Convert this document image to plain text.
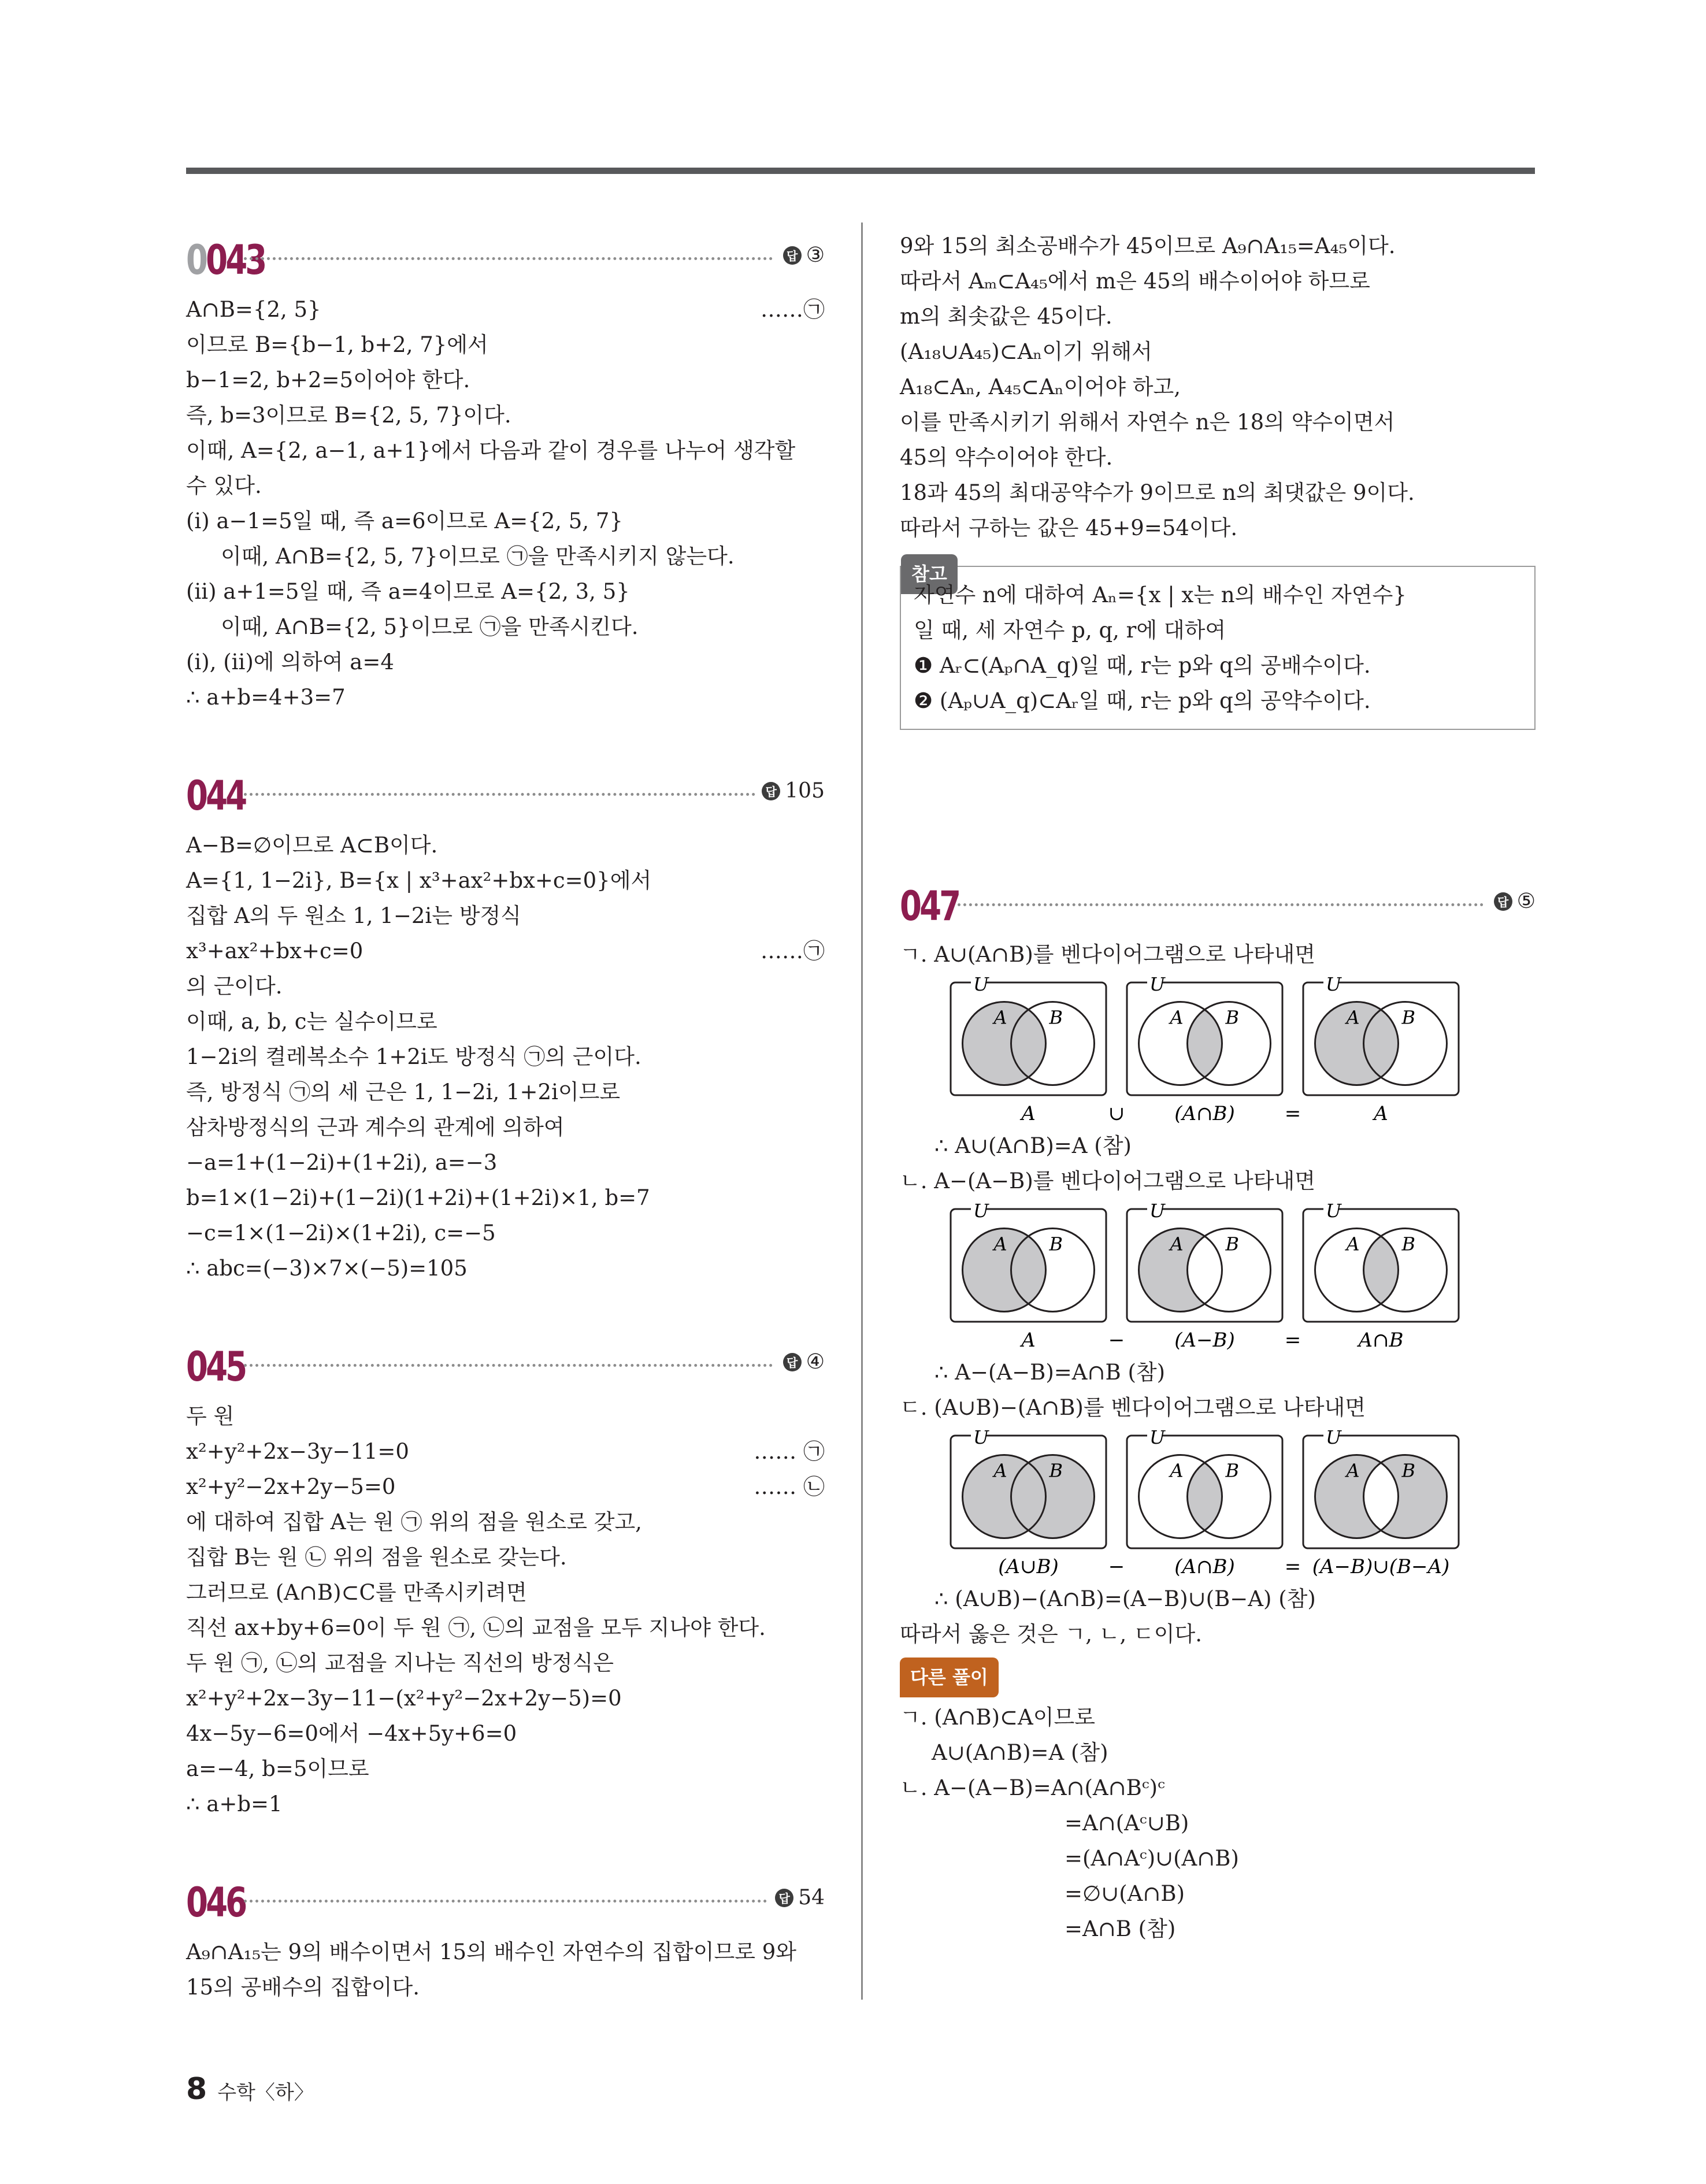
0043	답 ③
A∩B={2, 5}	……㉠
이므로 B={b−1, b+2, 7}에서
b−1=2, b+2=5이어야 한다.
즉, b=3이므로 B={2, 5, 7}이다.
이때, A={2, a−1, a+1}에서 다음과 같이 경우를 나누어 생각할
수 있다.
(ⅰ) a−1=5일 때, 즉 a=6이므로 A={2, 5, 7}
이때, A∩B={2, 5, 7}이므로 ㉠을 만족시키지 않는다.
(ⅱ) a+1=5일 때, 즉 a=4이므로 A={2, 3, 5}
이때, A∩B={2, 5}이므로 ㉠을 만족시킨다.
(ⅰ), (ⅱ)에 의하여 a=4
∴ a+b=4+3=7
044	답 105
A−B=∅이므로 A⊂B이다.
A={1, 1−2i}, B={x | x³+ax²+bx+c=0}에서
집합 A의 두 원소 1, 1−2i는 방정식
x³+ax²+bx+c=0	……㉠
의 근이다.
이때, a, b, c는 실수이므로
1−2i의 켤레복소수 1+2i도 방정식 ㉠의 근이다.
즉, 방정식 ㉠의 세 근은 1, 1−2i, 1+2i이므로
삼차방정식의 근과 계수의 관계에 의하여
−a=1+(1−2i)+(1+2i), a=−3
b=1×(1−2i)+(1−2i)(1+2i)+(1+2i)×1, b=7
−c=1×(1−2i)×(1+2i), c=−5
∴ abc=(−3)×7×(−5)=105
045	답 ④
두 원
x²+y²+2x−3y−11=0	…… ㉠
x²+y²−2x+2y−5=0	…… ㉡
에 대하여 집합 A는 원 ㉠ 위의 점을 원소로 갖고,
집합 B는 원 ㉡ 위의 점을 원소로 갖는다.
그러므로 (A∩B)⊂C를 만족시키려면
직선 ax+by+6=0이 두 원 ㉠, ㉡의 교점을 모두 지나야 한다.
두 원 ㉠, ㉡의 교점을 지나는 직선의 방정식은
x²+y²+2x−3y−11−(x²+y²−2x+2y−5)=0
4x−5y−6=0에서 −4x+5y+6=0
a=−4, b=5이므로
∴ a+b=1
046	답 54
A₉∩A₁₅는 9의 배수이면서 15의 배수인 자연수의 집합이므로 9와
15의 공배수의 집합이다.
9와 15의 최소공배수가 45이므로 A₉∩A₁₅=A₄₅이다.
따라서 Aₘ⊂A₄₅에서 m은 45의 배수이어야 하므로
m의 최솟값은 45이다.
(A₁₈∪A₄₅)⊂Aₙ이기 위해서
A₁₈⊂Aₙ, A₄₅⊂Aₙ이어야 하고,
이를 만족시키기 위해서 자연수 n은 18의 약수이면서
45의 약수이어야 한다.
18과 45의 최대공약수가 9이므로 n의 최댓값은 9이다.
따라서 구하는 값은 45+9=54이다.
참고
자연수 n에 대하여 Aₙ={x | x는 n의 배수인 자연수}
일 때, 세 자연수 p, q, r에 대하여
❶ Aᵣ⊂(Aₚ∩A_q)일 때, r는 p와 q의 공배수이다.
❷ (Aₚ∪A_q)⊂Aᵣ일 때, r는 p와 q의 공약수이다.
047	답 ⑤
ㄱ. A∪(A∩B)를 벤다이어그램으로 나타내면
U
A B
U
A B
U
A B
A	∪	(A∩B)	=	A
∴ A∪(A∩B)=A (참)
ㄴ. A−(A−B)를 벤다이어그램으로 나타내면
U
A B
U
A B
U
A B
A	−	(A−B)	=	A∩B
∴ A−(A−B)=A∩B (참)
ㄷ. (A∪B)−(A∩B)를 벤다이어그램으로 나타내면
U
A B
U
A B
U
A B
(A∪B)	−	(A∩B)	= (A−B)∪(B−A)
∴ (A∪B)−(A∩B)=(A−B)∪(B−A) (참)
따라서 옳은 것은 ㄱ, ㄴ, ㄷ이다.
다른 풀이
ㄱ. (A∩B)⊂A이므로
A∪(A∩B)=A (참)
ㄴ. A−(A−B)=A∩(A∩Bᶜ)ᶜ
=A∩(Aᶜ∪B)
=(A∩Aᶜ)∪(A∩B)
=∅∪(A∩B)
=A∩B (참)
8 수학〈하〉
